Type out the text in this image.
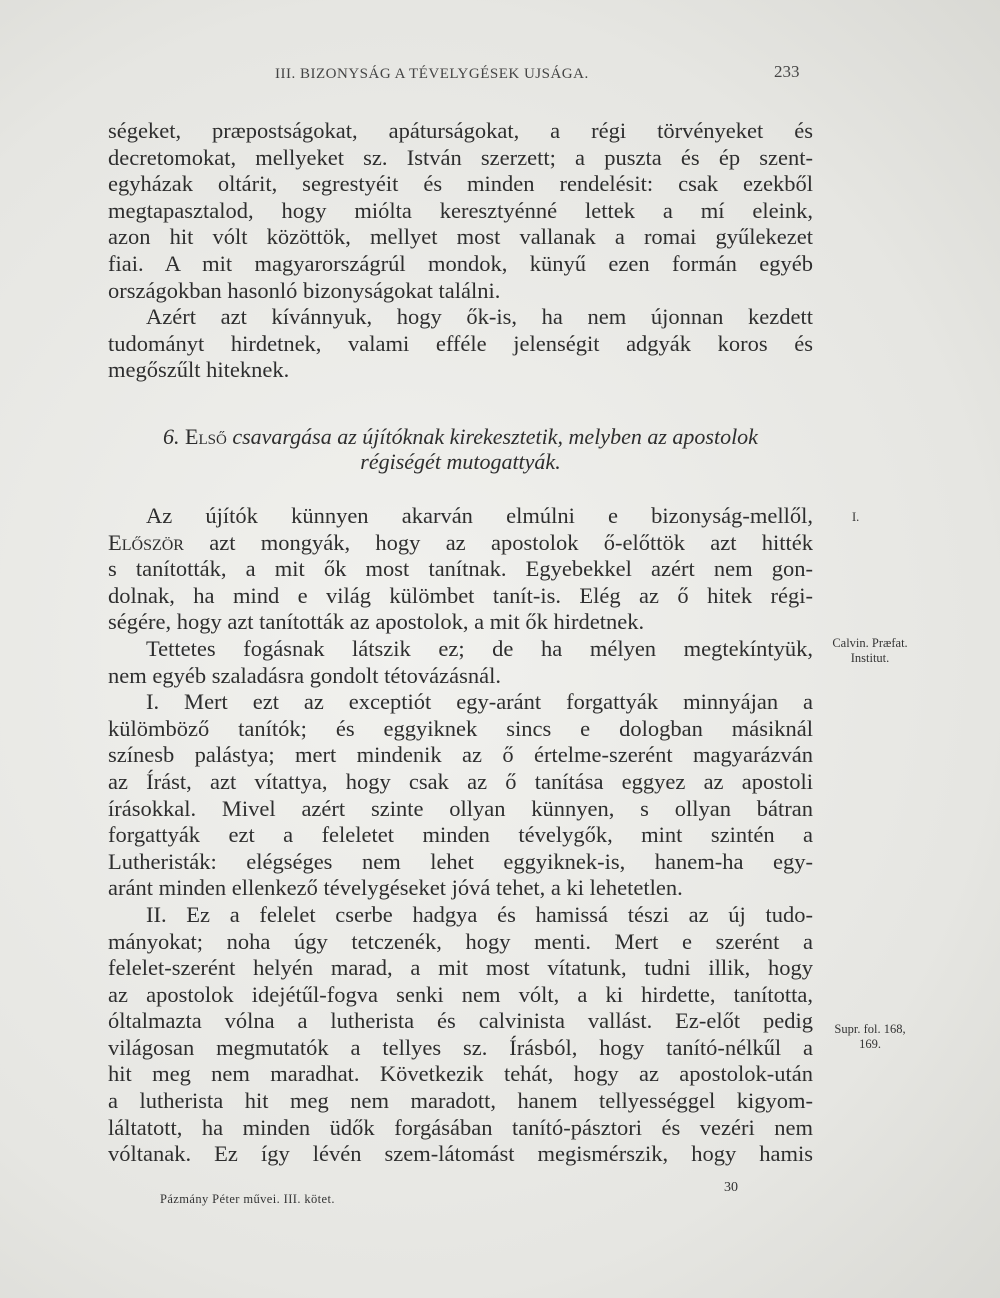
III. BIZONYSÁG A TÉVELYGÉSEK UJSÁGA.	233
ségeket, præpostságokat, apáturságokat, a régi törvényeket és
decretomokat, mellyeket sz. István szerzett; a puszta és ép szent-
egyházak oltárit, segrestyéit és minden rendelésit: csak ezekből
megtapasztalod, hogy miólta keresztyénné lettek a mí eleink,
azon hit vólt közöttök, mellyet most vallanak a romai gyűlekezet
fiai. A mit magyarországrúl mondok, künyű ezen formán egyéb
országokban hasonló bizonyságokat találni.
Azért azt kívánnyuk, hogy ők-is, ha nem újonnan kezdett
tudományt hirdetnek, valami efféle jelenségit adgyák koros és
megőszűlt hiteknek.
6. Első csavargása az újítóknak kirekesztetik, melyben az apostolok
régiségét mutogattyák.
Az újítók künnyen akarván elmúlni e bizonyság-mellől,
Először azt mongyák, hogy az apostolok ő-előttök azt hitték
s tanították, a mit ők most tanítnak. Egyebekkel azért nem gon-
dolnak, ha mind e világ külömbet tanít-is. Elég az ő hitek régi-
ségére, hogy azt tanították az apostolok, a mit ők hirdetnek.
Tettetes fogásnak látszik ez; de ha mélyen megtekíntyük,
nem egyéb szaladásra gondolt tétovázásnál.
I. Mert ezt az exceptiót egy-aránt forgattyák minnyájan a
külömböző tanítók; és eggyiknek sincs e dologban másiknál
színesb palástya; mert mindenik az ő értelme-szerént magyarázván
az Írást, azt vítattya, hogy csak az ő tanítása eggyez az apostoli
írásokkal. Mivel azért szinte ollyan künnyen, s ollyan bátran
forgattyák ezt a feleletet minden tévelygők, mint szintén a
Lutheristák: elégséges nem lehet eggyiknek-is, hanem-ha egy-
aránt minden ellenkező tévelygéseket jóvá tehet, a ki lehetetlen.
II. Ez a felelet cserbe hadgya és hamissá tészi az új tudo-
mányokat; noha úgy tetczenék, hogy menti. Mert e szerént a
felelet-szerént helyén marad, a mit most vítatunk, tudni illik, hogy
az apostolok idejétűl-fogva senki nem vólt, a ki hirdette, tanította,
óltalmazta vólna a lutherista és calvinista vallást. Ez-előt pedig
világosan megmutatók a tellyes sz. Írásból, hogy tanító-nélkűl a
hit meg nem maradhat. Következik tehát, hogy az apostolok-után
a lutherista hit meg nem maradott, hanem tellyességgel kigyom-
láltatott, ha minden üdők forgásában tanító-pásztori és vezéri nem
vóltanak. Ez így lévén szem-látomást megismérszik, hogy hamis
I.
Calvin. Præfat.
Institut.
Supr. fol. 168,
169.
Pázmány Péter művei. III. kötet.
30
